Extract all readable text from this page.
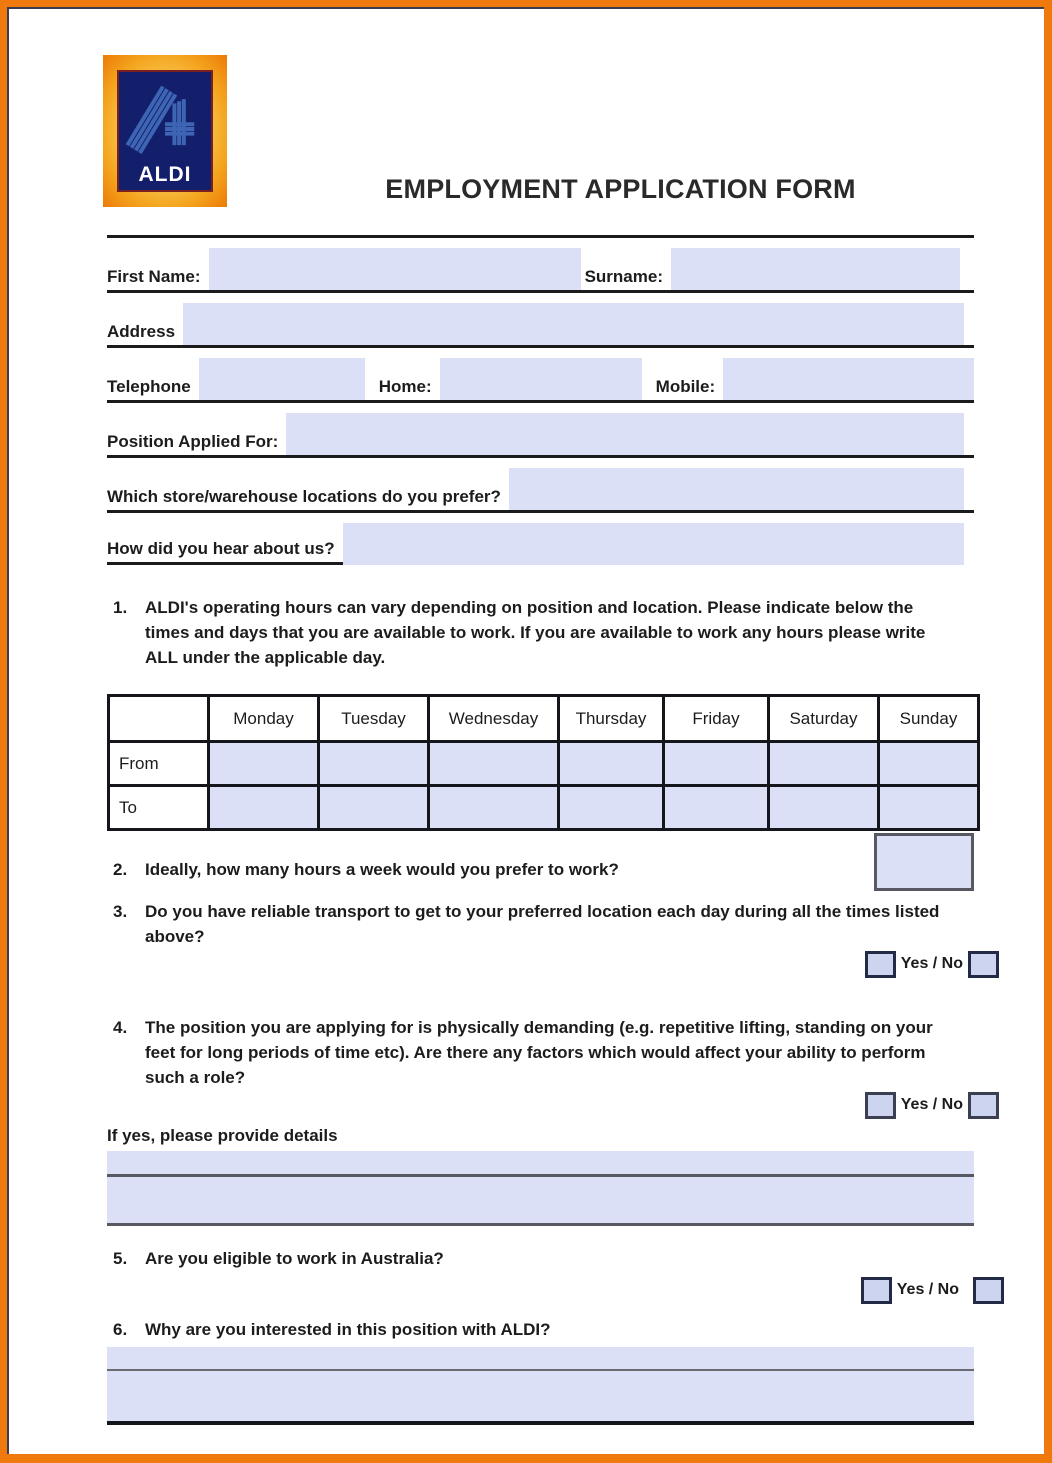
ALDI	EMPLOYMENT APPLICATION FORM
First Name:	Surname:
Address
Telephone	Home:	Mobile:
Position Applied For:
Which store/warehouse locations do you prefer?
How did you hear about us?
1.	ALDI's operating hours can vary depending on position and location. Please indicate below the times and days that you are available to work. If you are available to work any hours please write ALL under the applicable day.
	Monday	Tuesday	Wednesday	Thursday	Friday	Saturday	Sunday
From	

To	

2.	Ideally, how many hours a week would you prefer to work?
3.	Do you have reliable transport to get to your preferred location each day during all the times listed above?
Yes / No
4.	The position you are applying for is physically demanding (e.g. repetitive lifting, standing on your feet for long periods of time etc). Are there any factors which would affect your ability to perform such a role?
Yes / No
If yes, please provide details
5.	Are you eligible to work in Australia?
Yes / No
6.	Why are you interested in this position with ALDI?
